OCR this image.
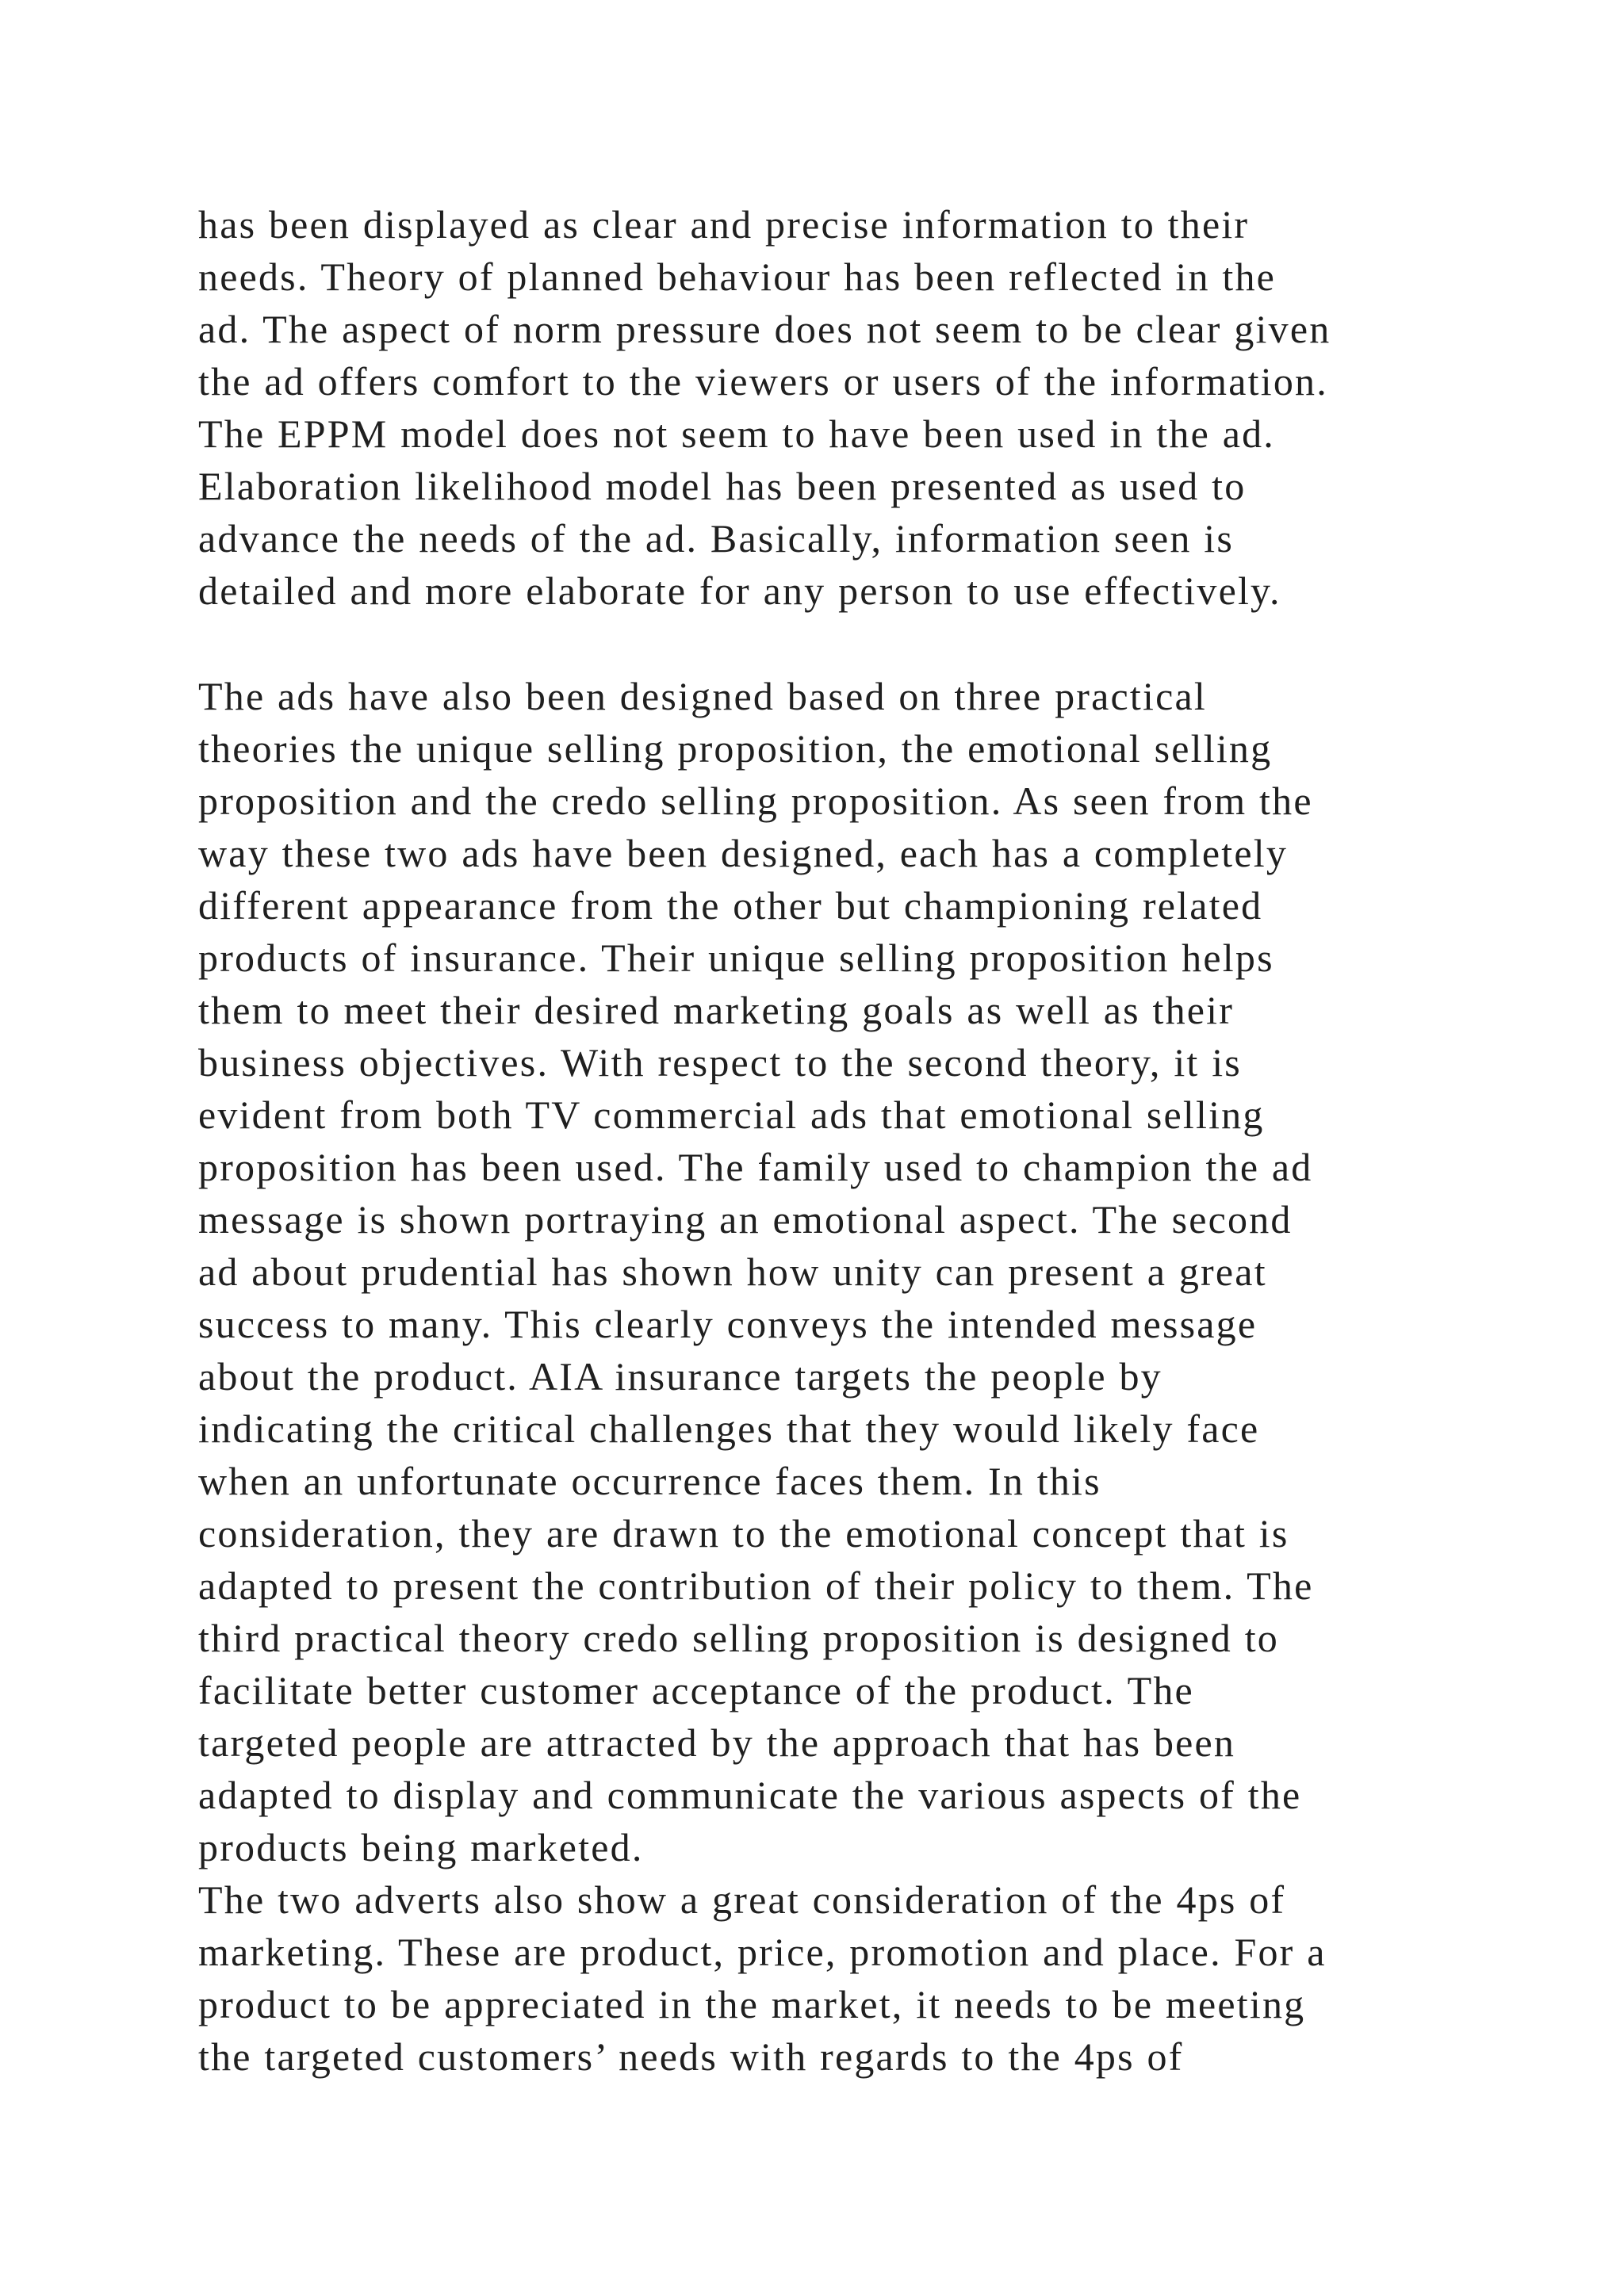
has been displayed as clear and precise information to their

needs. Theory of planned behaviour has been reflected in the

ad. The aspect of norm pressure does not seem to be clear given

the ad offers comfort to the viewers or users of the information.

The EPPM model does not seem to have been used in the ad.

Elaboration likelihood model has been presented as used to

advance the needs of the ad. Basically, information seen is

detailed and more elaborate for any person to use effectively.

The ads have also been designed based on three practical

theories the unique selling proposition, the emotional selling

proposition and the credo selling proposition. As seen from the

way these two ads have been designed, each has a completely

different appearance from the other but championing related

products of insurance. Their unique selling proposition helps

them to meet their desired marketing goals as well as their

business objectives. With respect to the second theory, it is

evident from both TV commercial ads that emotional selling

proposition has been used. The family used to champion the ad

message is shown portraying an emotional aspect. The second

ad about prudential has shown how unity can present a great

success to many. This clearly conveys the intended message

about the product. AIA insurance targets the people by

indicating the critical challenges that they would likely face

when an unfortunate occurrence faces them. In this

consideration, they are drawn to the emotional concept that is

adapted to present the contribution of their policy to them. The

third practical theory credo selling proposition is designed to

facilitate better customer acceptance of the product. The

targeted people are attracted by the approach that has been

adapted to display and communicate the various aspects of the

products being marketed.

The two adverts also show a great consideration of the 4ps of

marketing. These are product, price, promotion and place. For a

product to be appreciated in the market, it needs to be meeting

the targeted customers’ needs with regards to the 4ps of
